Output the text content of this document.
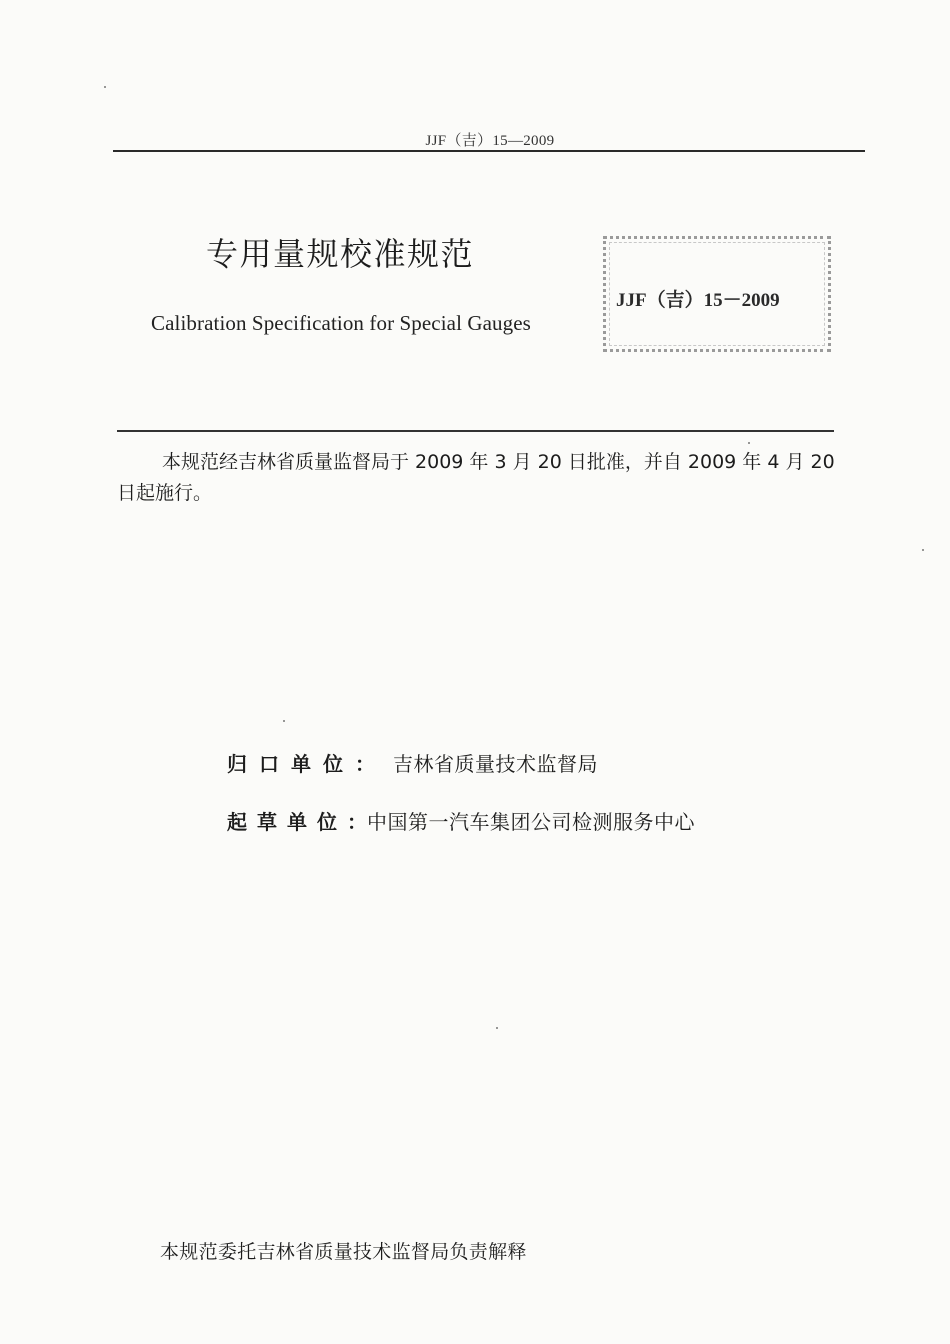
JJF（吉）15—2009
专用量规校准规范
Calibration Specification for Special Gauges
JJF（吉）15－2009
本规范经吉林省质量监督局于 2009 年 3 月 20 日批准，并自 2009 年 4 月 20 日起施行。
归口单位 ： 吉林省质量技术监督局
起草单位 ： 中国第一汽车集团公司检测服务中心
本规范委托吉林省质量技术监督局负责解释
